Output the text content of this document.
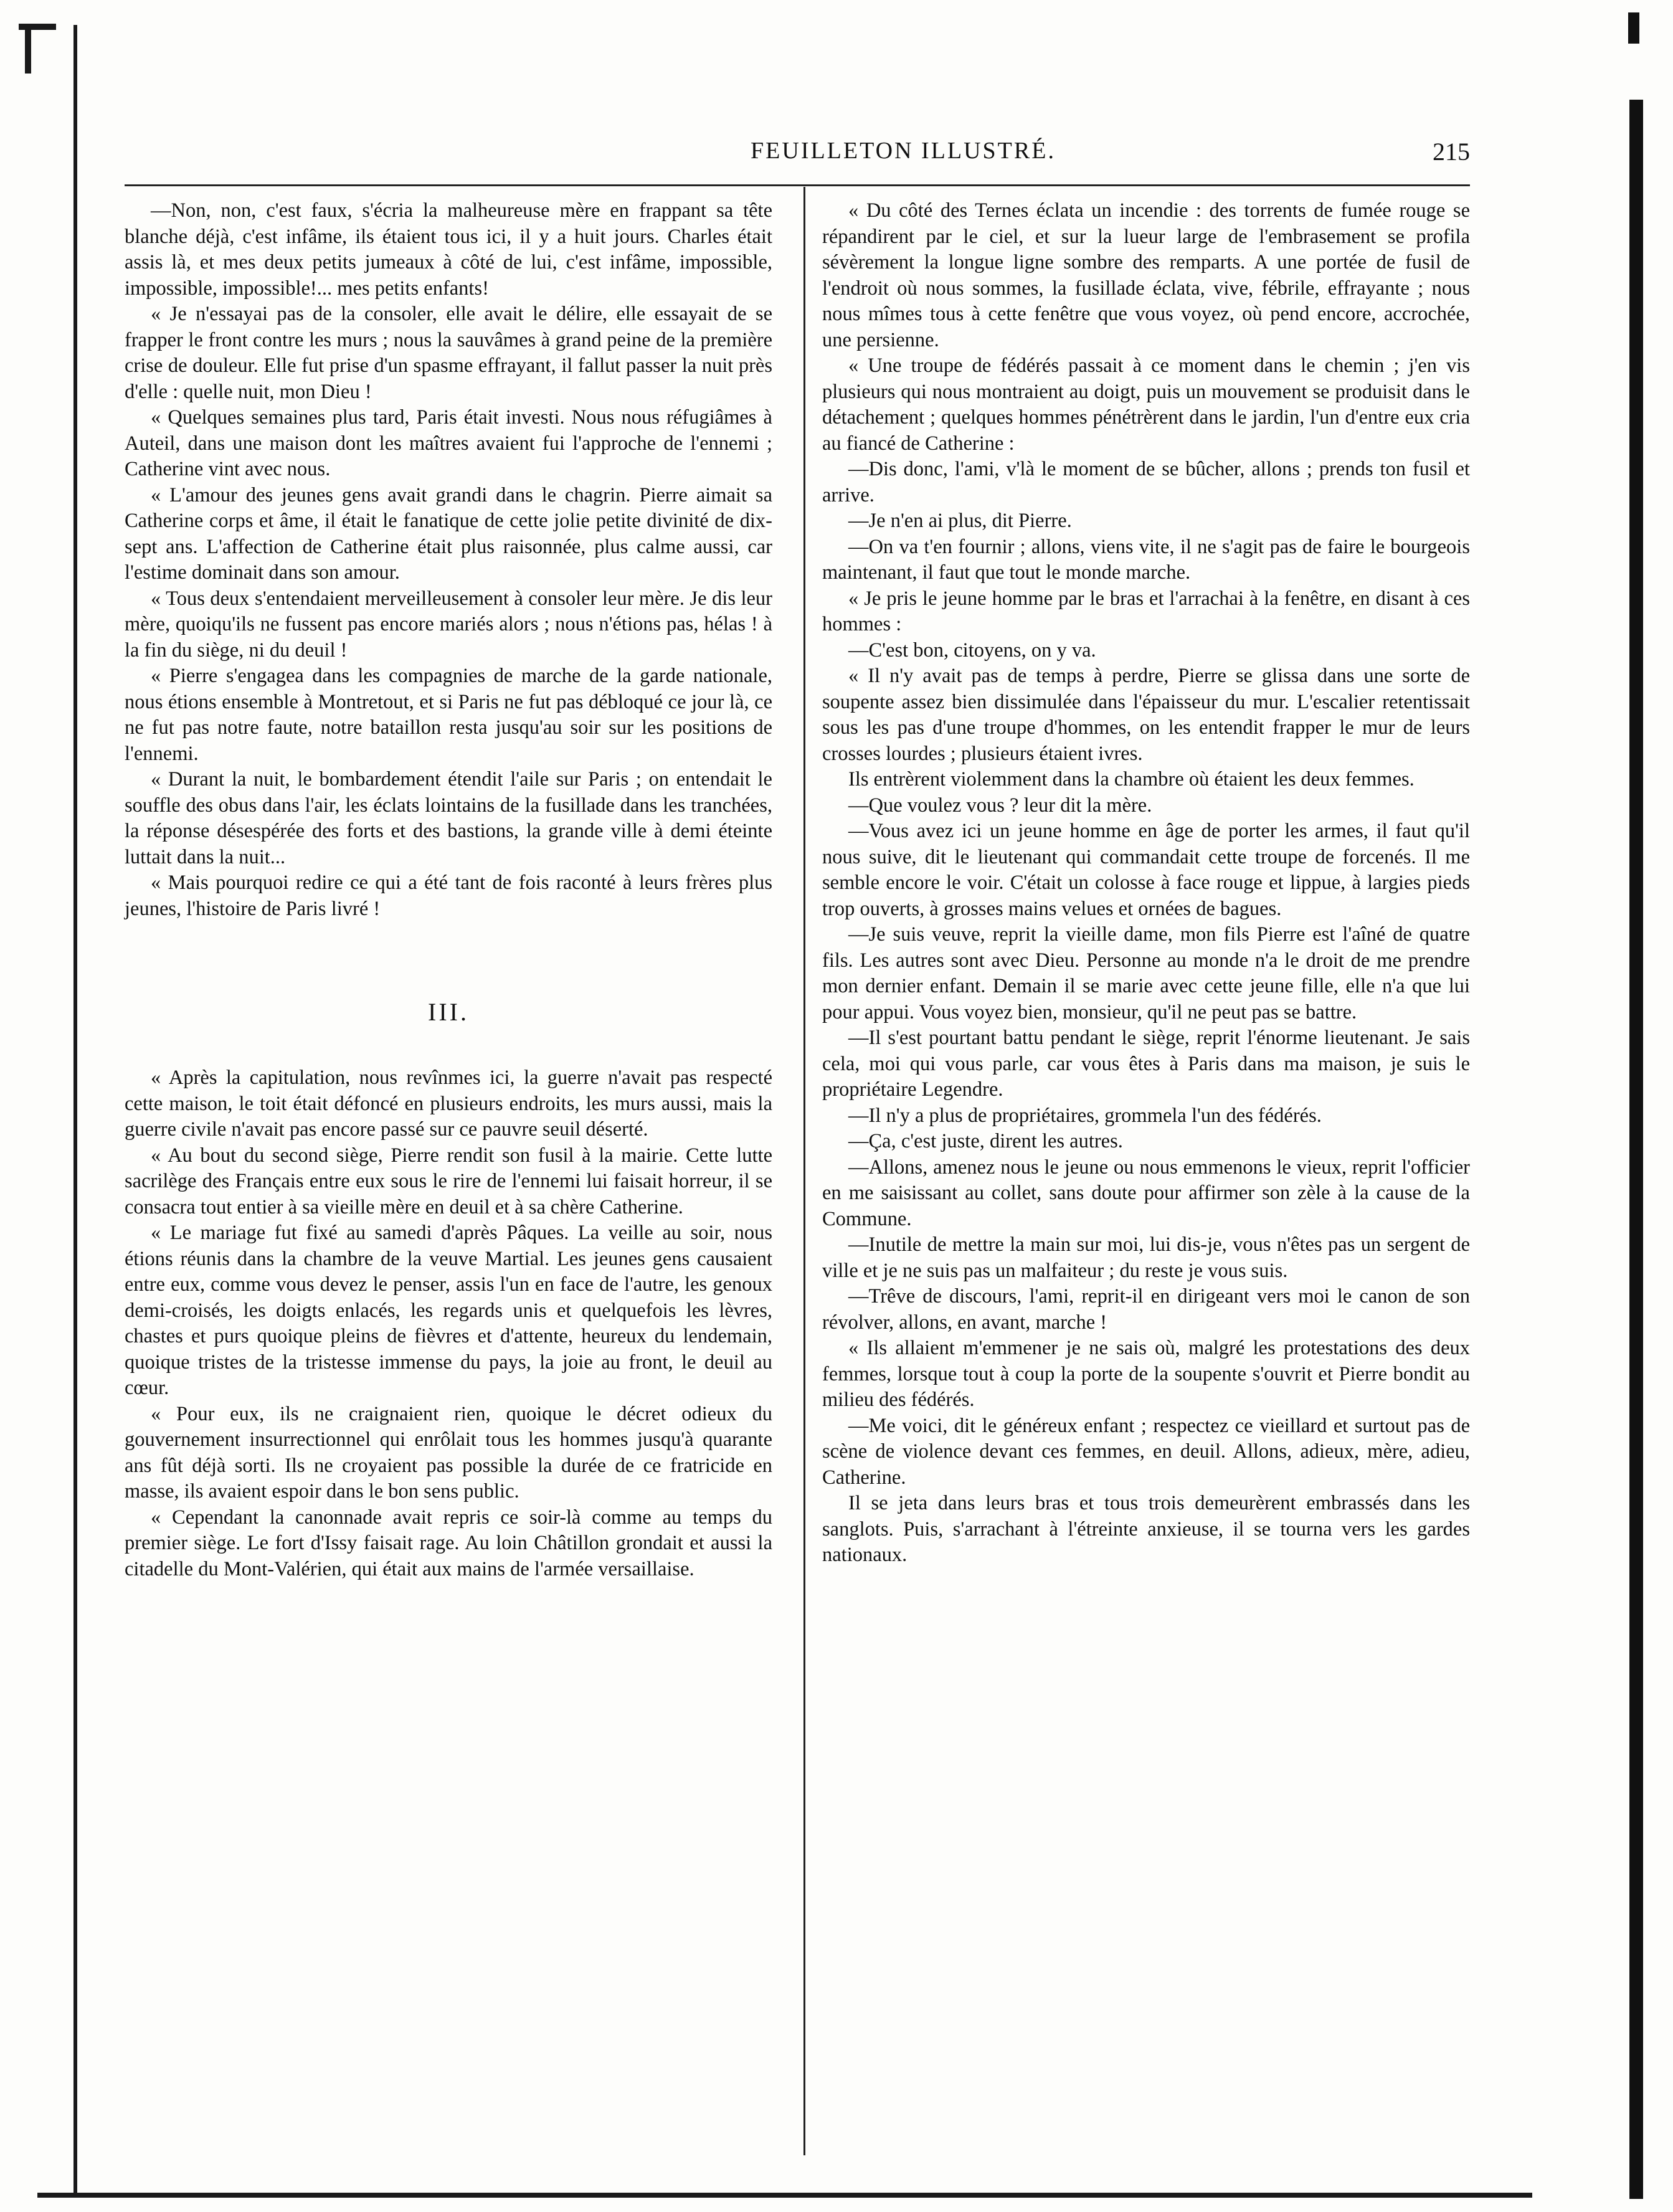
FEUILLETON ILLUSTRÉ.	215

—Non, non, c'est faux, s'écria la malheureuse mère en frappant sa tête blanche déjà, c'est infâme, ils étaient tous ici, il y a huit jours. Charles était assis là, et mes deux petits jumeaux à côté de lui, c'est infâme, impossible, impossible, impossible!... mes petits enfants!

« Je n'essayai pas de la consoler, elle avait le délire, elle essayait de se frapper le front contre les murs ; nous la sauvâmes à grand peine de la première crise de douleur. Elle fut prise d'un spasme effrayant, il fallut passer la nuit près d'elle : quelle nuit, mon Dieu !

« Quelques semaines plus tard, Paris était investi. Nous nous réfugiâmes à Auteil, dans une maison dont les maîtres avaient fui l'approche de l'ennemi ; Catherine vint avec nous.

« L'amour des jeunes gens avait grandi dans le chagrin. Pierre aimait sa Catherine corps et âme, il était le fanatique de cette jolie petite divinité de dix-sept ans. L'affection de Catherine était plus raisonnée, plus calme aussi, car l'estime dominait dans son amour.

« Tous deux s'entendaient merveilleusement à consoler leur mère. Je dis leur mère, quoiqu'ils ne fussent pas encore mariés alors ; nous n'étions pas, hélas ! à la fin du siège, ni du deuil !

« Pierre s'engagea dans les compagnies de marche de la garde nationale, nous étions ensemble à Montretout, et si Paris ne fut pas débloqué ce jour là, ce ne fut pas notre faute, notre bataillon resta jusqu'au soir sur les positions de l'ennemi.

« Durant la nuit, le bombardement étendit l'aile sur Paris ; on entendait le souffle des obus dans l'air, les éclats lointains de la fusillade dans les tranchées, la réponse désespérée des forts et des bastions, la grande ville à demi éteinte luttait dans la nuit...

« Mais pourquoi redire ce qui a été tant de fois raconté à leurs frères plus jeunes, l'histoire de Paris livré !

III.

« Après la capitulation, nous revînmes ici, la guerre n'avait pas respecté cette maison, le toit était défoncé en plusieurs endroits, les murs aussi, mais la guerre civile n'avait pas encore passé sur ce pauvre seuil déserté.

« Au bout du second siège, Pierre rendit son fusil à la mairie. Cette lutte sacrilège des Français entre eux sous le rire de l'ennemi lui faisait horreur, il se consacra tout entier à sa vieille mère en deuil et à sa chère Catherine.

« Le mariage fut fixé au samedi d'après Pâques. La veille au soir, nous étions réunis dans la chambre de la veuve Martial. Les jeunes gens causaient entre eux, comme vous devez le penser, assis l'un en face de l'autre, les genoux demi-croisés, les doigts enlacés, les regards unis et quelquefois les lèvres, chastes et purs quoique pleins de fièvres et d'attente, heureux du lendemain, quoique tristes de la tristesse immense du pays, la joie au front, le deuil au cœur.

« Pour eux, ils ne craignaient rien, quoique le décret odieux du gouvernement insurrectionnel qui enrôlait tous les hommes jusqu'à quarante ans fût déjà sorti. Ils ne croyaient pas possible la durée de ce fratricide en masse, ils avaient espoir dans le bon sens public.

« Cependant la canonnade avait repris ce soir-là comme au temps du premier siège. Le fort d'Issy faisait rage. Au loin Châtillon grondait et aussi la citadelle du Mont-Valérien, qui était aux mains de l'armée versaillaise.

« Du côté des Ternes éclata un incendie : des torrents de fumée rouge se répandirent par le ciel, et sur la lueur large de l'embrasement se profila sévèrement la longue ligne sombre des remparts. A une portée de fusil de l'endroit où nous sommes, la fusillade éclata, vive, fébrile, effrayante ; nous nous mîmes tous à cette fenêtre que vous voyez, où pend encore, accrochée, une persienne.

« Une troupe de fédérés passait à ce moment dans le chemin ; j'en vis plusieurs qui nous montraient au doigt, puis un mouvement se produisit dans le détachement ; quelques hommes pénétrèrent dans le jardin, l'un d'entre eux cria au fiancé de Catherine :

—Dis donc, l'ami, v'là le moment de se bûcher, allons ; prends ton fusil et arrive.

—Je n'en ai plus, dit Pierre.

—On va t'en fournir ; allons, viens vite, il ne s'agit pas de faire le bourgeois maintenant, il faut que tout le monde marche.

« Je pris le jeune homme par le bras et l'arrachai à la fenêtre, en disant à ces hommes :

—C'est bon, citoyens, on y va.

« Il n'y avait pas de temps à perdre, Pierre se glissa dans une sorte de soupente assez bien dissimulée dans l'épaisseur du mur. L'escalier retentissait sous les pas d'une troupe d'hommes, on les entendit frapper le mur de leurs crosses lourdes ; plusieurs étaient ivres.

Ils entrèrent violemment dans la chambre où étaient les deux femmes.

—Que voulez vous ? leur dit la mère.

—Vous avez ici un jeune homme en âge de porter les armes, il faut qu'il nous suive, dit le lieutenant qui commandait cette troupe de forcenés. Il me semble encore le voir. C'était un colosse à face rouge et lippue, à largies pieds trop ouverts, à grosses mains velues et ornées de bagues.

—Je suis veuve, reprit la vieille dame, mon fils Pierre est l'aîné de quatre fils. Les autres sont avec Dieu. Personne au monde n'a le droit de me prendre mon dernier enfant. Demain il se marie avec cette jeune fille, elle n'a que lui pour appui. Vous voyez bien, monsieur, qu'il ne peut pas se battre.

—Il s'est pourtant battu pendant le siège, reprit l'énorme lieutenant. Je sais cela, moi qui vous parle, car vous êtes à Paris dans ma maison, je suis le propriétaire Legendre.

—Il n'y a plus de propriétaires, grommela l'un des fédérés.

—Ça, c'est juste, dirent les autres.

—Allons, amenez nous le jeune ou nous emmenons le vieux, reprit l'officier en me saisissant au collet, sans doute pour affirmer son zèle à la cause de la Commune.

—Inutile de mettre la main sur moi, lui dis-je, vous n'êtes pas un sergent de ville et je ne suis pas un malfaiteur ; du reste je vous suis.

—Trêve de discours, l'ami, reprit-il en dirigeant vers moi le canon de son révolver, allons, en avant, marche !

« Ils allaient m'emmener je ne sais où, malgré les protestations des deux femmes, lorsque tout à coup la porte de la soupente s'ouvrit et Pierre bondit au milieu des fédérés.

—Me voici, dit le généreux enfant ; respectez ce vieillard et surtout pas de scène de violence devant ces femmes, en deuil. Allons, adieux, mère, adieu, Catherine.

Il se jeta dans leurs bras et tous trois demeurèrent embrassés dans les sanglots. Puis, s'arrachant à l'étreinte anxieuse, il se tourna vers les gardes nationaux.
